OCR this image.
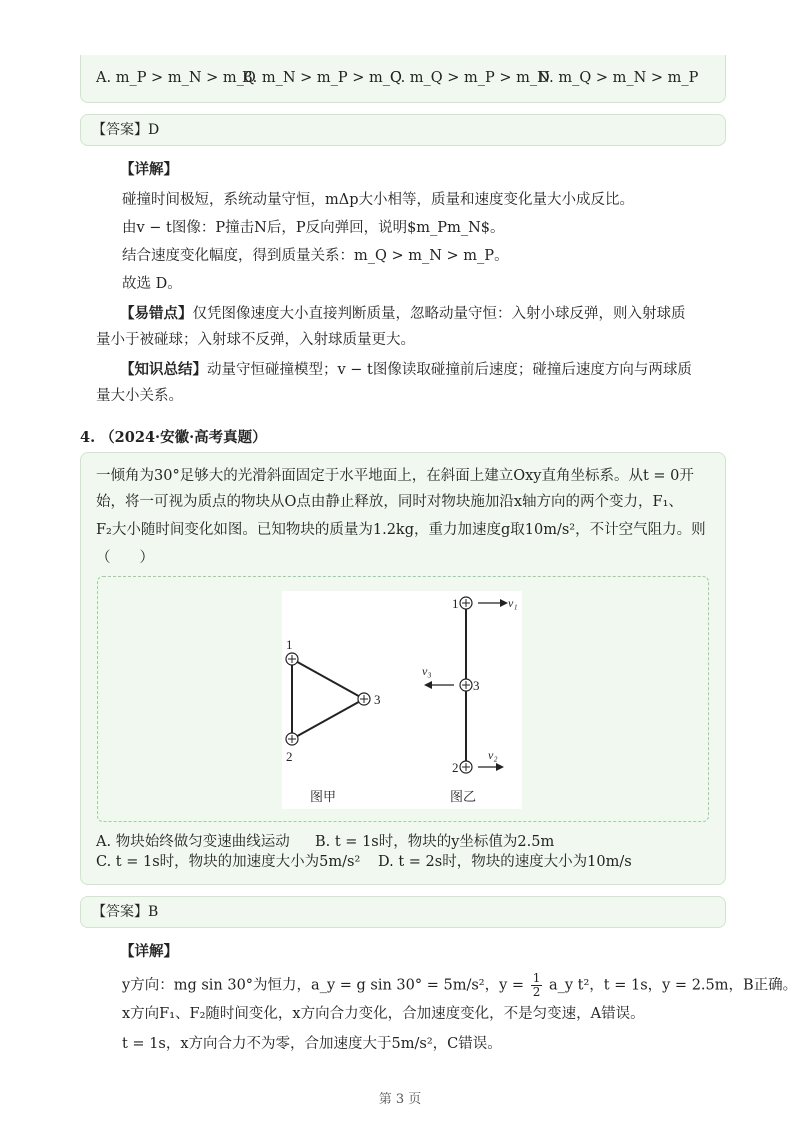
A. m_P > m_N > m_Q
B. m_N > m_P > m_Q
C. m_Q > m_P > m_N
D. m_Q > m_N > m_P
【答案】D
【详解】
碰撞时间极短，系统动量守恒，mΔp大小相等，质量和速度变化量大小成反比。
由v − t图像：P撞击N后，P反向弹回，说明$m_Pm_N$。
结合速度变化幅度，得到质量关系：m_Q > m_N > m_P。
故选 D。
【易错点】仅凭图像速度大小直接判断质量，忽略动量守恒：入射小球反弹，则入射球质
量小于被碰球；入射球不反弹，入射球质量更大。
【知识总结】动量守恒碰撞模型；v − t图像读取碰撞前后速度；碰撞后速度方向与两球质
量大小关系。
4. （2024·安徽·高考真题）
一倾角为30°足够大的光滑斜面固定于水平地面上，在斜面上建立Oxy直角坐标系。从t = 0开
始，将一可视为质点的物块从O点由静止释放，同时对物块施加沿x轴方向的两个变力，F₁、
F₂大小随时间变化如图。已知物块的质量为1.2kg，重力加速度g取10m/s²，不计空气阻力。则
（　　）
1
2
3
1
3
2
v₁
v₃
v₂
图甲	图乙
A. 物块始终做匀变速曲线运动 B. t = 1s时，物块的y坐标值为2.5m
C. t = 1s时，物块的加速度大小为5m/s² D. t = 2s时，物块的速度大小为10m/s
【答案】B
【详解】
y方向：mg sin 30°为恒力，a_y = g sin 30° = 5m/s²，$y = \frac{1}{2}$ a_y t²，t = 1s，y = 2.5m，B正确。
x方向F₁、F₂随时间变化，x方向合力变化，合加速度变化，不是匀变速，A错误。
t = 1s，x方向合力不为零，合加速度大于5m/s²，C错误。
第 3 页
